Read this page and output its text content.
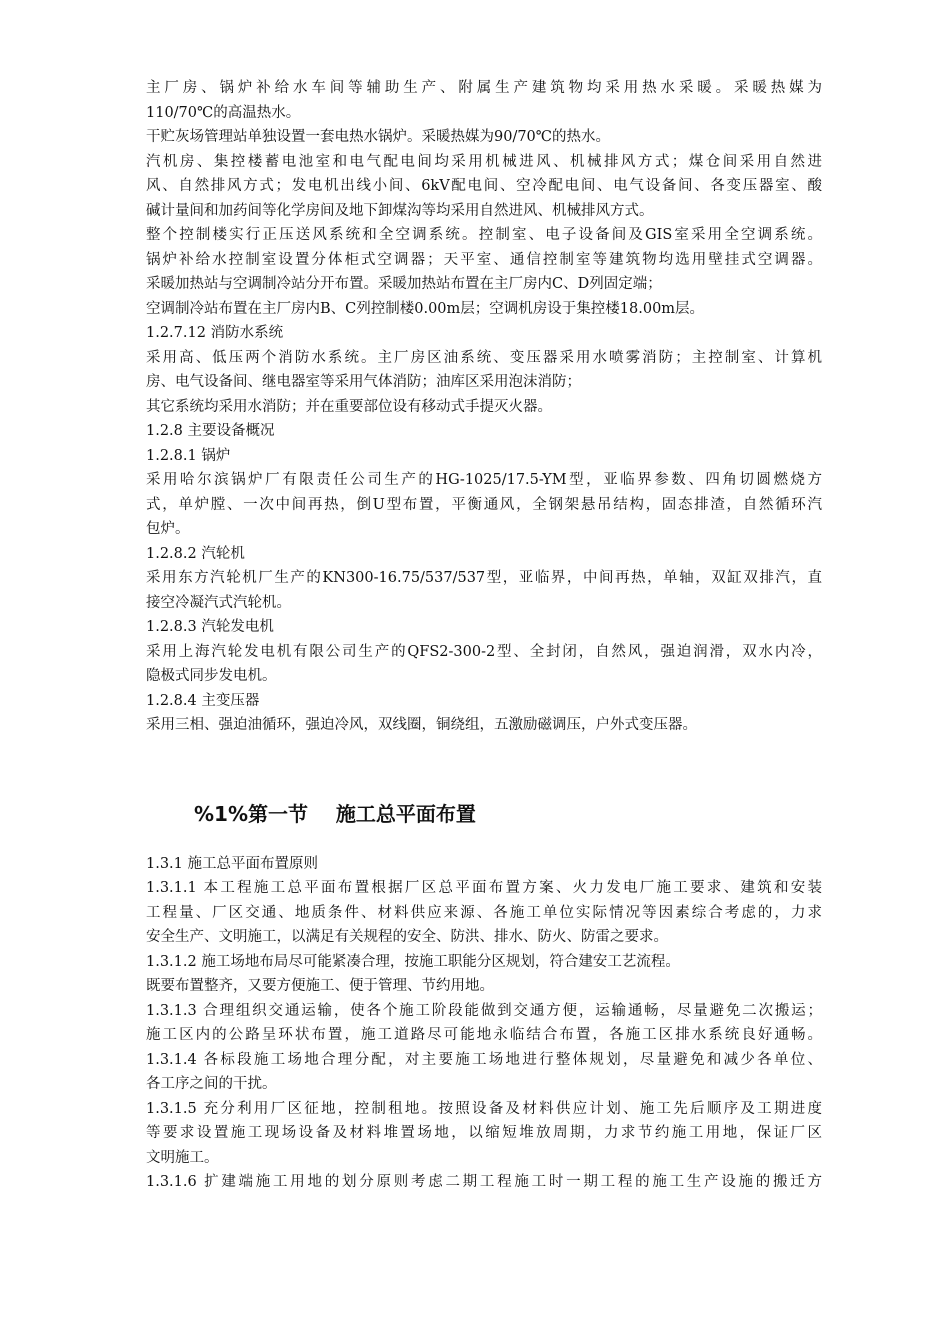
主厂房、锅炉补给水车间等辅助生产、附属生产建筑物均采用热水采暖。采暖热媒为
110/70℃的高温热水。
干贮灰场管理站单独设置一套电热水锅炉。采暖热媒为90/70℃的热水。
汽机房、集控楼蓄电池室和电气配电间均采用机械进风、机械排风方式；煤仓间采用自然进
风、自然排风方式；发电机出线小间、6kV配电间、空冷配电间、电气设备间、各变压器室、酸
碱计量间和加药间等化学房间及地下卸煤沟等均采用自然进风、机械排风方式。
整个控制楼实行正压送风系统和全空调系统。控制室、电子设备间及GIS室采用全空调系统。
锅炉补给水控制室设置分体柜式空调器；天平室、通信控制室等建筑物均选用壁挂式空调器。
采暖加热站与空调制冷站分开布置。采暖加热站布置在主厂房内C、D列固定端；
空调制冷站布置在主厂房内B、C列控制楼0.00m层；空调机房设于集控楼18.00m层。
1.2.7.12 消防水系统
采用高、低压两个消防水系统。主厂房区油系统、变压器采用水喷雾消防；主控制室、计算机
房、电气设备间、继电器室等采用气体消防；油库区采用泡沫消防；
其它系统均采用水消防；并在重要部位设有移动式手提灭火器。
1.2.8 主要设备概况
1.2.8.1 锅炉
采用哈尔滨锅炉厂有限责任公司生产的HG-1025/17.5-YM型，亚临界参数、四角切圆燃烧方
式，单炉膛、一次中间再热，倒U型布置，平衡通风，全钢架悬吊结构，固态排渣，自然循环汽
包炉。
1.2.8.2 汽轮机
采用东方汽轮机厂生产的KN300-16.75/537/537型，亚临界，中间再热，单轴，双缸双排汽，直
接空冷凝汽式汽轮机。
1.2.8.3 汽轮发电机
采用上海汽轮发电机有限公司生产的QFS2-300-2型、全封闭，自然风，强迫润滑，双水内冷，
隐极式同步发电机。
1.2.8.4 主变压器
采用三相、强迫油循环，强迫冷风，双线圈，铜绕组，五激励磁调压，户外式变压器。
%1%第一节    施工总平面布置
1.3.1 施工总平面布置原则
1.3.1.1 本工程施工总平面布置根据厂区总平面布置方案、火力发电厂施工要求、建筑和安装
工程量、厂区交通、地质条件、材料供应来源、各施工单位实际情况等因素综合考虑的，力求
安全生产、文明施工，以满足有关规程的安全、防洪、排水、防火、防雷之要求。
1.3.1.2 施工场地布局尽可能紧凑合理，按施工职能分区规划，符合建安工艺流程。
既要布置整齐，又要方便施工、便于管理、节约用地。
1.3.1.3 合理组织交通运输，使各个施工阶段能做到交通方便，运输通畅，尽量避免二次搬运；
施工区内的公路呈环状布置，施工道路尽可能地永临结合布置，各施工区排水系统良好通畅。
1.3.1.4 各标段施工场地合理分配，对主要施工场地进行整体规划，尽量避免和减少各单位、
各工序之间的干扰。
1.3.1.5 充分利用厂区征地，控制租地。按照设备及材料供应计划、施工先后顺序及工期进度
等要求设置施工现场设备及材料堆置场地，以缩短堆放周期，力求节约施工用地，保证厂区
文明施工。
1.3.1.6 扩建端施工用地的划分原则考虑二期工程施工时一期工程的施工生产设施的搬迁方
